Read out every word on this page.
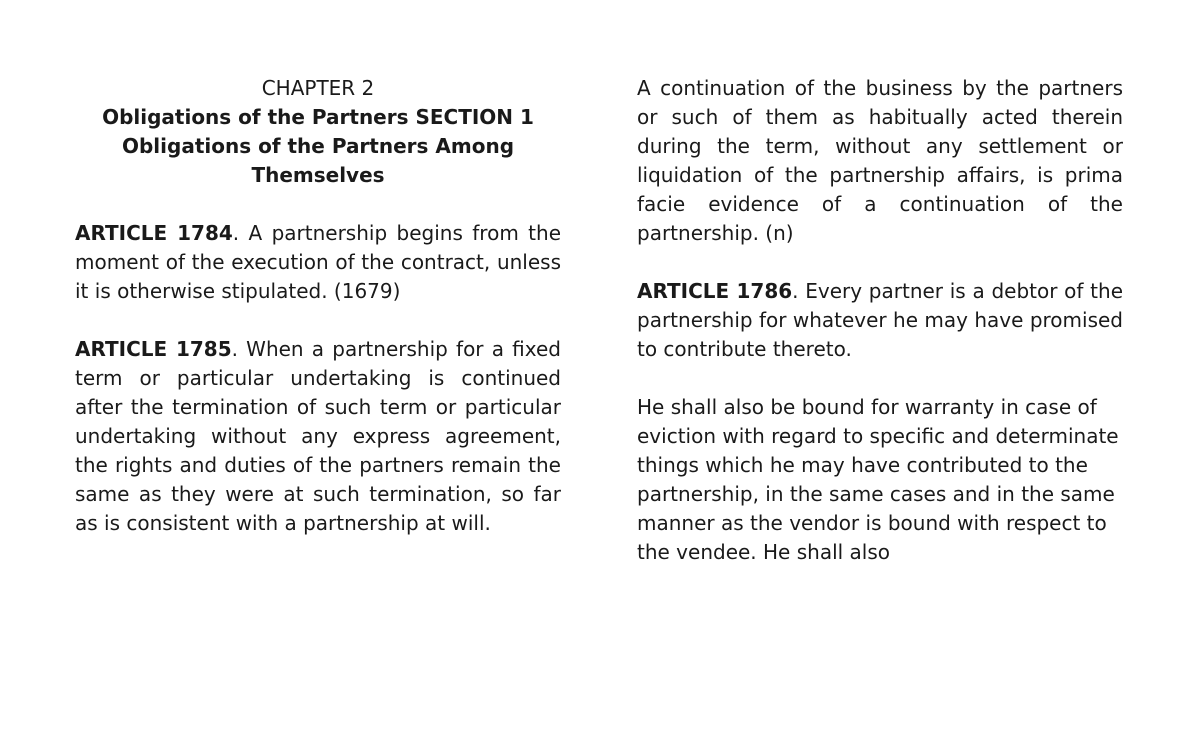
CHAPTER 2
Obligations of the Partners SECTION 1
Obligations of the Partners Among Themselves

ARTICLE 1784. A partnership begins from the moment of the execution of the contract, unless it is otherwise stipulated. (1679)

ARTICLE 1785. When a partnership for a fixed term or particular undertaking is continued after the termination of such term or particular undertaking without any express agreement, the rights and duties of the partners remain the same as they were at such termination, so far as is consistent with a partnership at will.

A continuation of the business by the partners or such of them as habitually acted therein during the term, without any settlement or liquidation of the partnership affairs, is prima facie evidence of a continuation of the partnership. (n)

ARTICLE 1786. Every partner is a debtor of the partnership for whatever he may have promised to contribute thereto.

He shall also be bound for warranty in case of eviction with regard to specific and determinate things which he may have contributed to the partnership, in the same cases and in the same manner as the vendor is bound with respect to the vendee. He shall also
